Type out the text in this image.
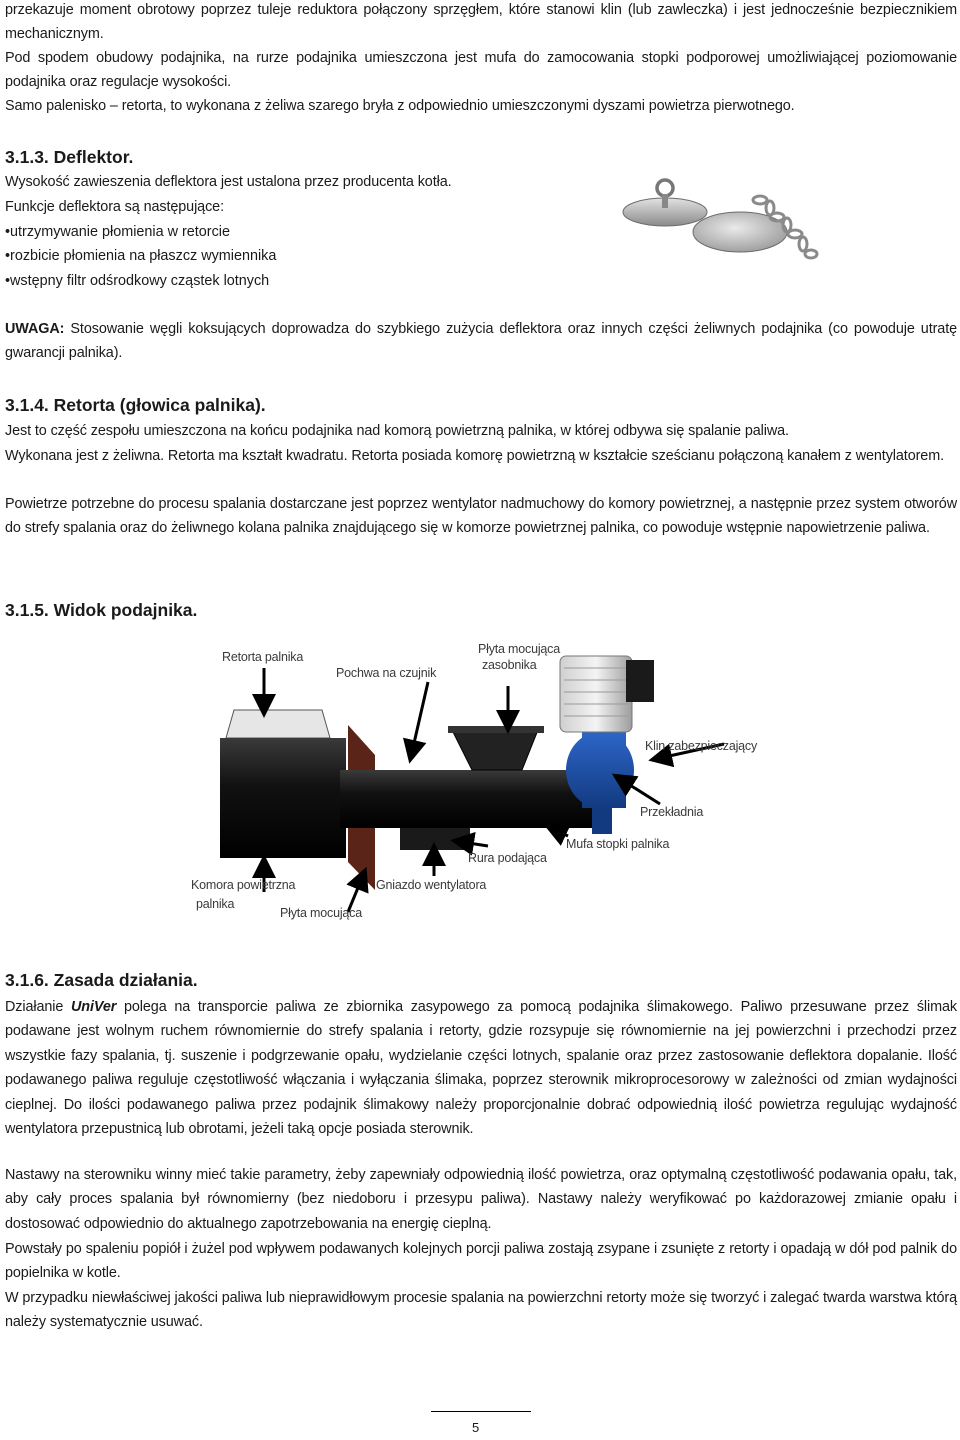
przekazuje moment obrotowy poprzez tuleje reduktora połączony sprzęgłem, które stanowi klin (lub zawleczka) i jest jednocześnie bezpiecznikiem mechanicznym.

Pod spodem obudowy podajnika, na rurze podajnika umieszczona jest mufa do zamocowania stopki podporowej umożliwiającej poziomowanie podajnika oraz regulacje wysokości.

Samo palenisko – retorta, to wykonana z żeliwa szarego bryła z odpowiednio umieszczonymi dyszami powietrza pierwotnego.

3.1.3. Deflektor.

Wysokość zawieszenia deflektora jest ustalona przez producenta kotła.

Funkcje deflektora są następujące:

•utrzymywanie płomienia w retorcie

•rozbicie płomienia na płaszcz wymiennika

•wstępny filtr odśrodkowy cząstek lotnych

UWAGA: Stosowanie węgli koksujących doprowadza do szybkiego zużycia deflektora oraz innych części żeliwnych podajnika (co powoduje utratę gwarancji palnika).

3.1.4. Retorta (głowica palnika).

Jest to część zespołu umieszczona na końcu podajnika nad komorą powietrzną palnika, w której odbywa się spalanie paliwa.

Wykonana jest z żeliwna. Retorta ma kształt kwadratu. Retorta posiada komorę powietrzną w kształcie sześcianu połączoną kanałem z wentylatorem.

Powietrze potrzebne do procesu spalania dostarczane jest poprzez wentylator nadmuchowy do komory powietrznej, a następnie przez system otworów do strefy spalania oraz do żeliwnego kolana palnika znajdującego się w komorze powietrznej palnika, co powoduje wstępnie napowietrzenie paliwa.

3.1.5. Widok podajnika.
Retorta palnika
Pochwa na czujnik
Płyta mocująca
zasobnika
Klin zabezpieczający
Przekładnia
Mufa stopki palnika
Rura podająca
Komora powietrzna
palnika
Gniazdo wentylatora
Płyta mocująca
3.1.6. Zasada działania.

Działanie UniVer polega na transporcie paliwa ze zbiornika zasypowego za pomocą podajnika ślimakowego. Paliwo przesuwane przez ślimak podawane jest wolnym ruchem równomiernie do strefy spalania i retorty, gdzie rozsypuje się równomiernie na jej powierzchni i przechodzi przez wszystkie fazy spalania, tj. suszenie i podgrzewanie opału, wydzielanie części lotnych, spalanie oraz przez zastosowanie deflektora dopalanie. Ilość podawanego paliwa reguluje częstotliwość włączania i wyłączania ślimaka, poprzez sterownik mikroprocesorowy w zależności od zmian wydajności cieplnej. Do ilości podawanego paliwa przez podajnik ślimakowy należy proporcjonalnie dobrać odpowiednią ilość powietrza regulując wydajność wentylatora przepustnicą lub obrotami, jeżeli taką opcje posiada sterownik.

Nastawy na sterowniku winny mieć takie parametry, żeby zapewniały odpowiednią ilość powietrza, oraz optymalną częstotliwość podawania opału, tak, aby cały proces spalania był równomierny (bez niedoboru i przesypu paliwa). Nastawy należy weryfikować po każdorazowej zmianie opału i dostosować odpowiednio do aktualnego zapotrzebowania na energię cieplną.

Powstały po spaleniu popiół i żużel pod wpływem podawanych kolejnych porcji paliwa zostają zsypane i zsunięte z retorty i opadają w dół pod palnik do popielnika w kotle.

W przypadku niewłaściwej jakości paliwa lub nieprawidłowym procesie spalania na powierzchni retorty może się tworzyć i zalegać twarda warstwa którą należy systematycznie usuwać.

5
